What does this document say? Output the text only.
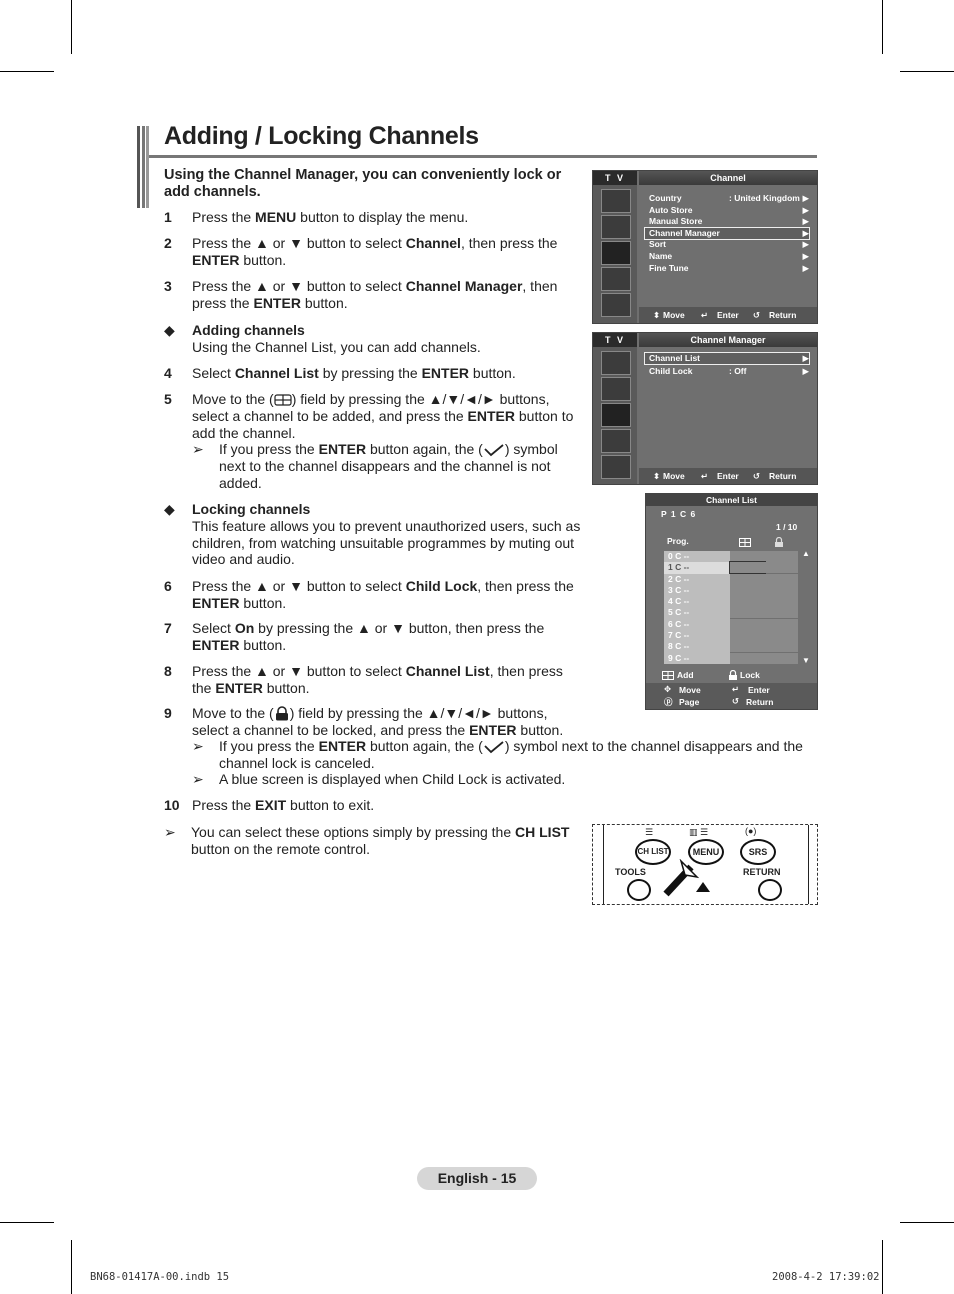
Adding / Locking Channels
Using the Channel Manager, you can conveniently lock or add channels.
1	Press the MENU button to display the menu.
2	Press the ▲ or ▼ button to select Channel, then press the ENTER button.
3	Press the ▲ or ▼ button to select Channel Manager, then press the ENTER button.
◆	Adding channels
Using the Channel List, you can add channels.
4	Select Channel List by pressing the ENTER button.
5	Move to the ( ) field by pressing the ▲/▼/◄/► buttons, select a channel to be added, and press the ENTER button to add the channel.
➢ If you press the ENTER button again, the ( ) symbol next to the channel disappears and the channel is not added.
◆	Locking channels
This feature allows you to prevent unauthorized users, such as children, from watching unsuitable programmes by muting out video and audio.
6	Press the ▲ or ▼ button to select Child Lock, then press the ENTER button.
7	Select On by pressing the ▲ or ▼ button, then press the ENTER button.
8	Press the ▲ or ▼ button to select Channel List, then press the ENTER button.
9	Move to the ( ) field by pressing the ▲/▼/◄/► buttons, select a channel to be locked, and press the ENTER button.
➢ If you press the ENTER button again, the ( ) symbol next to the channel disappears and the channel lock is canceled.
➢ A blue screen is displayed when Child Lock is activated.
10 Press the EXIT button to exit.
➢ You can select these options simply by pressing the CH LIST button on the remote control.
T V	Channel
Country	: United Kingdom ▶
Auto Store	▶
Manual Store	▶
Channel Manager	▶
Sort	▶
Name	▶
Fine Tune	▶
⬍ Move ↵ Enter ↺ Return
T V	Channel Manager
Channel List	▶
Child Lock	: Off	▶
⬍ Move ↵ Enter ↺ Return
Channel List
P 1 C 6
1 / 10
Prog.
0 C --
1 C --
2 C --
3 C --
4 C --
5 C --
6 C --
7 C --
8 C --
9 C --
▲
▼
Add	Lock
✥ Move	↵ Enter
ⓟ Page	↺ Return
CH LIST	MENU	SRS
☰	▥ ☰	(●)
TOOLS	RETURN
English - 15
BN68-01417A-00.indb 15	2008-4-2 17:39:02
